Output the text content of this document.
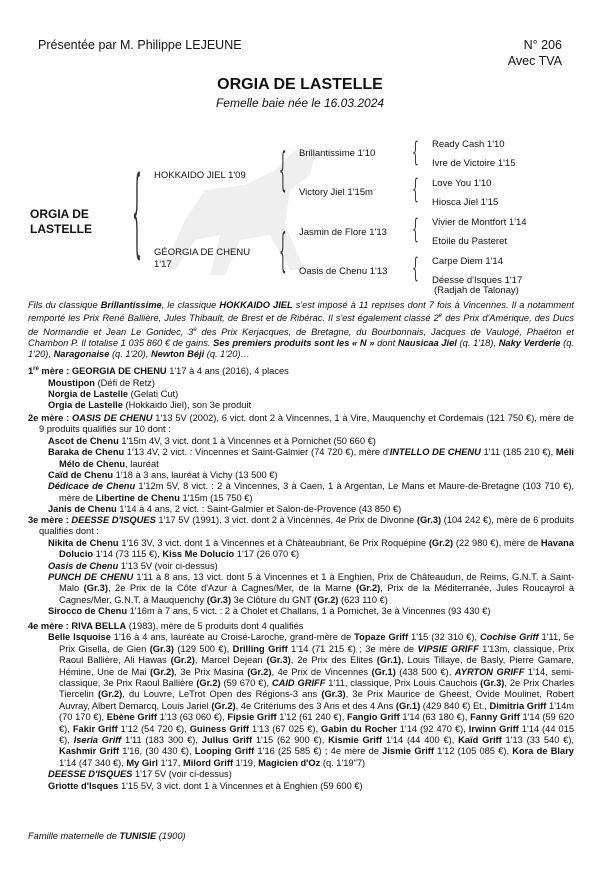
Présentée par M. Philippe LEJEUNE	N° 206
Avec TVA
ORGIA DE LASTELLE
Femelle baie née le 16.03.2024
ORGIA DE
LASTELLE { HOKKAIDO JIEL 1'09
GÉORGIA DE CHENU
1'17
{
{
Brillantissime 1'10
Victory Jiel 1'15m
Jasmin de Flore 1'13
Oasis de Chenu 1'13
{
{
{
{
Ready Cash 1'10
Ivre de Victoire 1'15
Love You 1'10
Hiosca Jiel 1'15
Vivier de Montfort 1'14
Etoile du Pasteret
Carpe Diem 1'14
Déesse d'Isques 1'17
(Radjah de Talonay)
Fils du classique Brillantissime, le classique HOKKAIDO JIEL s'est imposé à 11 reprises dont 7 fois à Vincennes. Il a notamment remporté les Prix René Ballière, Jules Thibault, de Brest et de Ribérac. Il s'est également classé 2e des Prix d'Amérique, des Ducs de Normandie et Jean Le Gonidec, 3e des Prix Kerjacques, de Bretagne, du Bourbonnais, Jacques de Vaulogé, Phaéton et Chambon P. Il totalise 1 035 860 € de gains. Ses premiers produits sont les « N » dont Nausicaa Jiel (q. 1'18), Naky Verderie (q. 1'20), Naragonaise (q. 1'20), Newton Béji (q. 1'20)…

1re mère : GEORGIA DE CHENU 1'17 à 4 ans (2016), 4 places

Moustipon (Défi de Retz)

Norgia de Lastelle (Gelati Cut)

Orgia de Lastelle (Hokkaido Jiel), son 3e produit

2e mère : OASIS DE CHENU 1'13 5V (2002), 6 vict. dont 2 à Vincennes, 1 à Vire, Mauquenchy et Cordemais (121 750 €), mère de 9 produits qualifiés sur 10 dont :

Ascot de Chenu 1'15m 4V, 3 vict. dont 1 à Vincennes et à Pornichet (50 660 €)

Baraka de Chenu 1'13 4V, 2 vict. : Vincennes et Saint-Galmier (74 720 €), mère d'INTELLO DE CHENU 1'11 (185 210 €), Méli Mélo de Chenu, lauréat

Caïd de Chenu 1'18 à 3 ans, lauréat à Vichy (13 500 €)

Dédicace de Chenu 1'12m 5V, 8 vict. : 2 à Vincennes, 3 à Caen, 1 à Argentan, Le Mans et Maure-de-Bretagne (103 710 €), mère de Libertine de Chenu 1'15m (15 750 €)

Janis de Chenu 1'14 à 4 ans, 2 vict. : Saint-Galmier et Salon-de-Provence (43 850 €)

3e mère : DEESSE D'ISQUES 1'17 5V (1991), 3 vict. dont 2 à Vincennes, 4e Prix de Divonne (Gr.3) (104 242 €), mère de 6 produits qualifiés dont :

Nikita de Chenu 1'16 3V, 3 vict. dont 1 à Vincennes et à Châteaubriant, 6e Prix Roquépine (Gr.2) (22 980 €), mère de Havana Dolucio 1'14 (73 115 €), Kiss Me Dolucio 1'17 (26 070 €)

Oasis de Chenu 1'13 5V (voir ci-dessus)

PUNCH DE CHENU 1'11 à 8 ans, 13 vict. dont 5 à Vincennes et 1 à Enghien, Prix de Châteaudun, de Reims, G.N.T. à Saint-Malo (Gr.3), 2e Prix de la Côte d'Azur à Cagnes/Mer, de la Marne (Gr.2), Prix de la Méditerranée, Jules Roucayrol à Cagnes/Mer, G.N.T. à Mauquenchy (Gr.3) 3e Clôture du GNT (Gr.2) (623 110 €)

Sirocco de Chenu 1'16m à 7 ans, 5 vict. : 2 à Cholet et Challans, 1 à Pornichet, 3e à Vincennes (93 430 €)

4e mère : RIVA BELLA (1983), mère de 5 produits dont 4 qualifiés

Belle Isquoise 1'16 à 4 ans, lauréate au Croisé-Laroche, grand-mère de Topaze Griff 1'15 (32 310 €), Cochise Griff 1'11, 5e Prix Gisella, de Gien (Gr.3) (129 500 €), Drilling Griff 1'14 (71 215 €) ; 3e mère de VIPSIE GRIFF 1'13m, classique, Prix Raoul Ballière, Ali Hawas (Gr.2), Marcel Dejean (Gr.3), 2e Prix des Elites (Gr.1), Louis Tillaye, de Basly, Pierre Gamare, Hémine, Une de Mai (Gr.2), 3e Prix Masina (Gr.2), 4e Prix de Vincennes (Gr.1) (438 500 €), AYRTON GRIFF 1'14, semi-classique, 3e Prix Raoul Ballière (Gr.2) (59 670 €), CAID GRIFF 1'11, classique, Prix Louis Cauchois (Gr.3), 2e Prix Charles Tiercelin (Gr.2), du Louvre, LeTrot Open des Régions-3 ans (Gr.3), 3e Prix Maurice de Gheest, Ovide Moulinet, Robert Auvray, Albert Demarcq, Louis Jariel (Gr.2), 4e Critériums des 3 Ans et des 4 Ans (Gr.1) (429 840 €) Et., Dimitria Griff 1'14m (70 170 €), Ebène Griff 1'13 (63 060 €), Fipsie Griff 1'12 (61 240 €), Fangio Griff 1'14 (63 180 €), Fanny Griff 1'14 (59 620 €), Fakir Griff 1'12 (54 720 €), Guiness Griff 1'13 (67 025 €), Gabin du Rocher 1'14 (92 470 €), Irwinn Griff 1'14 (44 015 €), Iseria Griff 1'11 (183 300 €), Jullus Griff 1'15 (62 900 €), Kismie Griff 1'14 (44 400 €), Kaïd Griff 1'13 (33 540 €), Kashmir Griff 1'16, (30 430 €), Looping Griff 1'16 (25 585 €) ; 4e mère de Jismie Griff 1'12 (105 085 €), Kora de Blary 1'14 (47 340 €), My Girl 1'17, Milord Griff 1'19, Magicien d'Oz (q. 1'19"7)

DEESSE D'ISQUES 1'17 5V (voir ci-dessus)

Griotte d'Isques 1'15 5V, 3 vict. dont 1 à Vincennes et à Enghien (59 600 €)

Famille maternelle de TUNISIE (1900)
